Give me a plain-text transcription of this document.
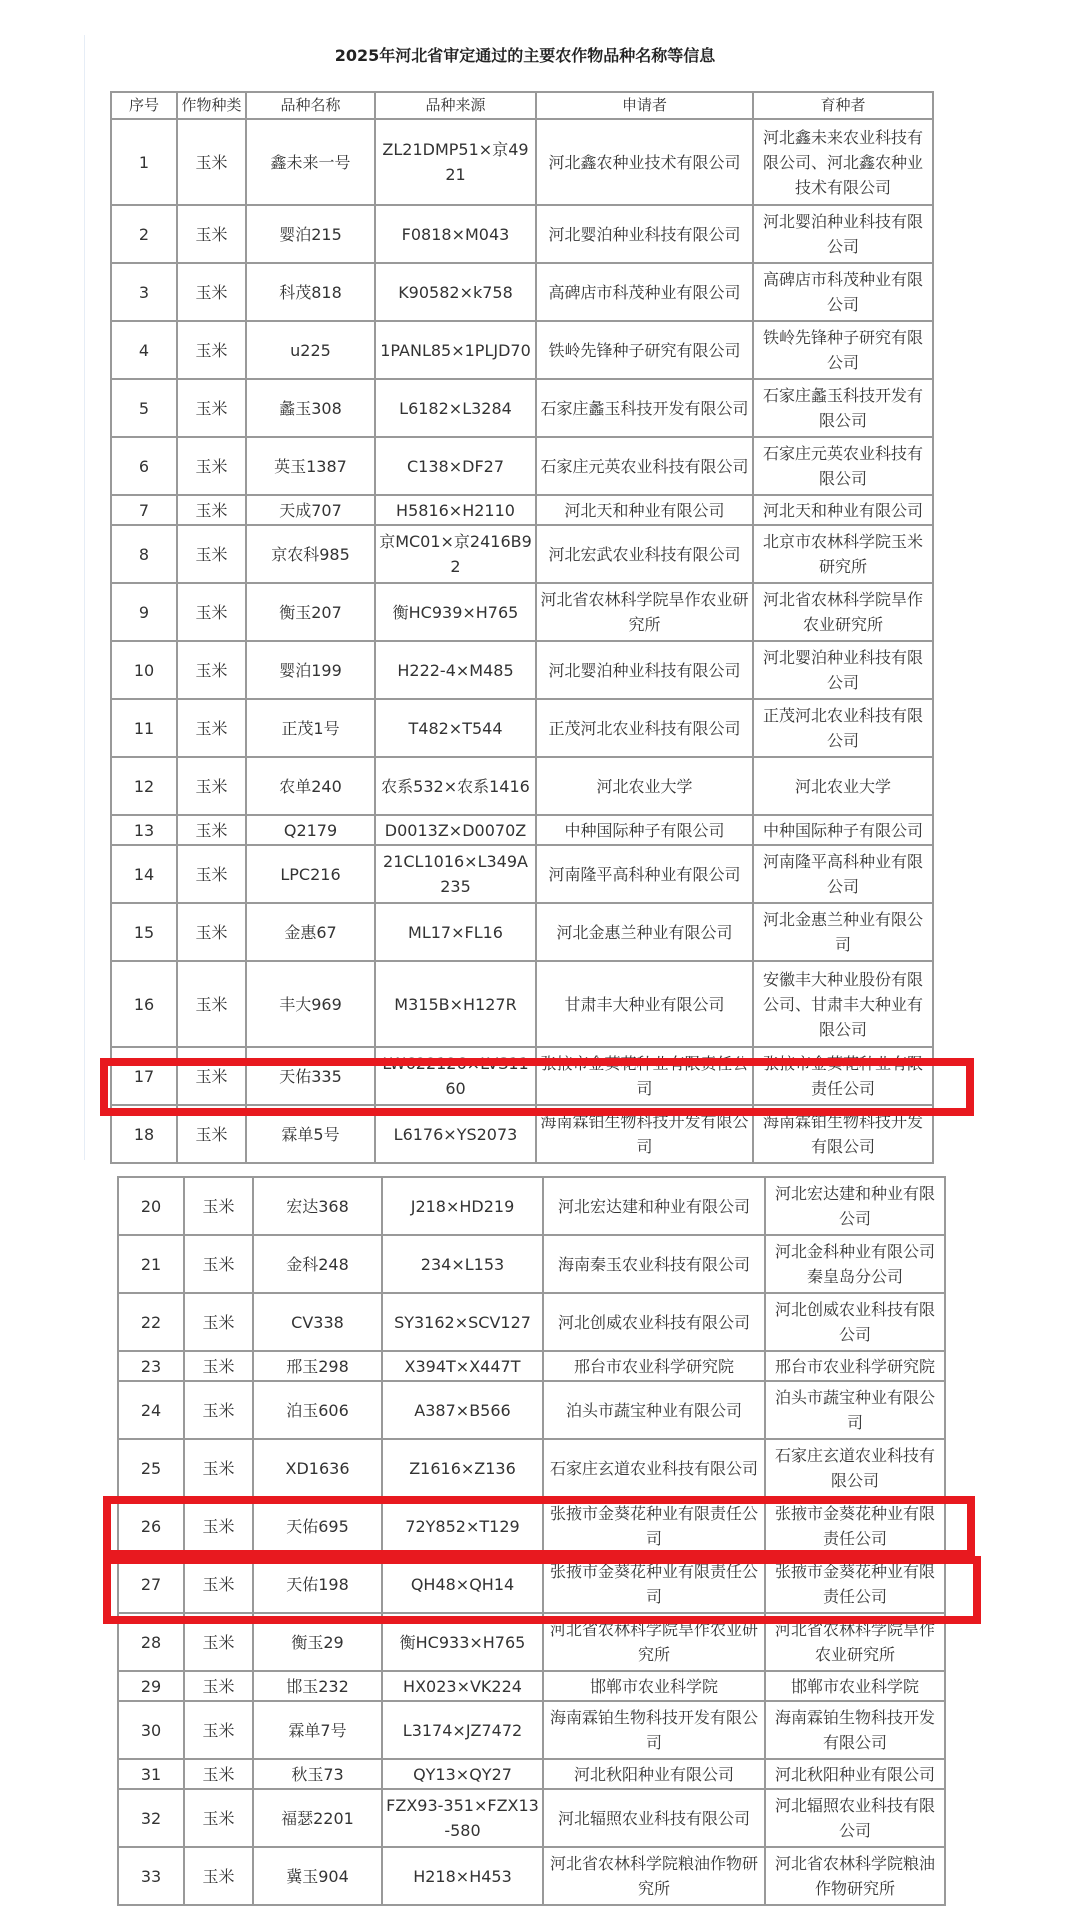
2025年河北省审定通过的主要农作物品种名称等信息
序号	作物种类	品种名称	品种来源	申请者	育种者
1	玉米	鑫未来一号	ZL21DMP51×京4921	河北鑫农种业技术有限公司	河北鑫未来农业科技有限公司、河北鑫农种业技术有限公司
2	玉米	婴泊215	F0818×M043	河北婴泊种业科技有限公司	河北婴泊种业科技有限公司
3	玉米	科茂818	K90582×k758	高碑店市科茂种业有限公司	高碑店市科茂种业有限公司
4	玉米	u225	1PANL85×1PLJD70	铁岭先锋种子研究有限公司	铁岭先锋种子研究有限公司
5	玉米	蠡玉308	L6182×L3284	石家庄蠡玉科技开发有限公司	石家庄蠡玉科技开发有限公司
6	玉米	英玉1387	C138×DF27	石家庄元英农业科技有限公司	石家庄元英农业科技有限公司
7	玉米	天成707	H5816×H2110	河北天和种业有限公司	河北天和种业有限公司
8	玉米	京农科985	京MC01×京2416B92	河北宏武农业科技有限公司	北京市农林科学院玉米研究所
9	玉米	衡玉207	衡HC939×H765	河北省农林科学院旱作农业研究所	河北省农林科学院旱作农业研究所
10	玉米	婴泊199	H222-4×M485	河北婴泊种业科技有限公司	河北婴泊种业科技有限公司
11	玉米	正茂1号	T482×T544	正茂河北农业科技有限公司	正茂河北农业科技有限公司
12	玉米	农单240	农系532×农系1416	河北农业大学	河北农业大学
13	玉米	Q2179	D0013Z×D0070Z	中种国际种子有限公司	中种国际种子有限公司
14	玉米	LPC216	21CL1016×L349A235	河南隆平高科种业有限公司	河南隆平高科种业有限公司
15	玉米	金惠67	ML17×FL16	河北金惠兰种业有限公司	河北金惠兰种业有限公司
16	玉米	丰大969	M315B×H127R	甘肃丰大种业有限公司	安徽丰大种业股份有限公司、甘肃丰大种业有限公司
17	玉米	天佑335	LW622126×LVS1160	张掖市金葵花种业有限责任公司	张掖市金葵花种业有限责任公司
18	玉米	霖单5号	L6176×YS2073	海南霖铂生物科技开发有限公司	海南霖铂生物科技开发有限公司
20	玉米	宏达368	J218×HD219	河北宏达建和种业有限公司	河北宏达建和种业有限公司
21	玉米	金科248	234×L153	海南秦玉农业科技有限公司	河北金科种业有限公司秦皇岛分公司
22	玉米	CV338	SY3162×SCV127	河北创威农业科技有限公司	河北创威农业科技有限公司
23	玉米	邢玉298	X394T×X447T	邢台市农业科学研究院	邢台市农业科学研究院
24	玉米	泊玉606	A387×B566	泊头市蔬宝种业有限公司	泊头市蔬宝种业有限公司
25	玉米	XD1636	Z1616×Z136	石家庄玄道农业科技有限公司	石家庄玄道农业科技有限公司
26	玉米	天佑695	72Y852×T129	张掖市金葵花种业有限责任公司	张掖市金葵花种业有限责任公司
27	玉米	天佑198	QH48×QH14	张掖市金葵花种业有限责任公司	张掖市金葵花种业有限责任公司
28	玉米	衡玉29	衡HC933×H765	河北省农林科学院旱作农业研究所	河北省农林科学院旱作农业研究所
29	玉米	邯玉232	HX023×VK224	邯郸市农业科学院	邯郸市农业科学院
30	玉米	霖单7号	L3174×JZ7472	海南霖铂生物科技开发有限公司	海南霖铂生物科技开发有限公司
31	玉米	秋玉73	QY13×QY27	河北秋阳种业有限公司	河北秋阳种业有限公司
32	玉米	福瑟2201	FZX93-351×FZX13-580	河北辐照农业科技有限公司	河北辐照农业科技有限公司
33	玉米	冀玉904	H218×H453	河北省农林科学院粮油作物研究所	河北省农林科学院粮油作物研究所
